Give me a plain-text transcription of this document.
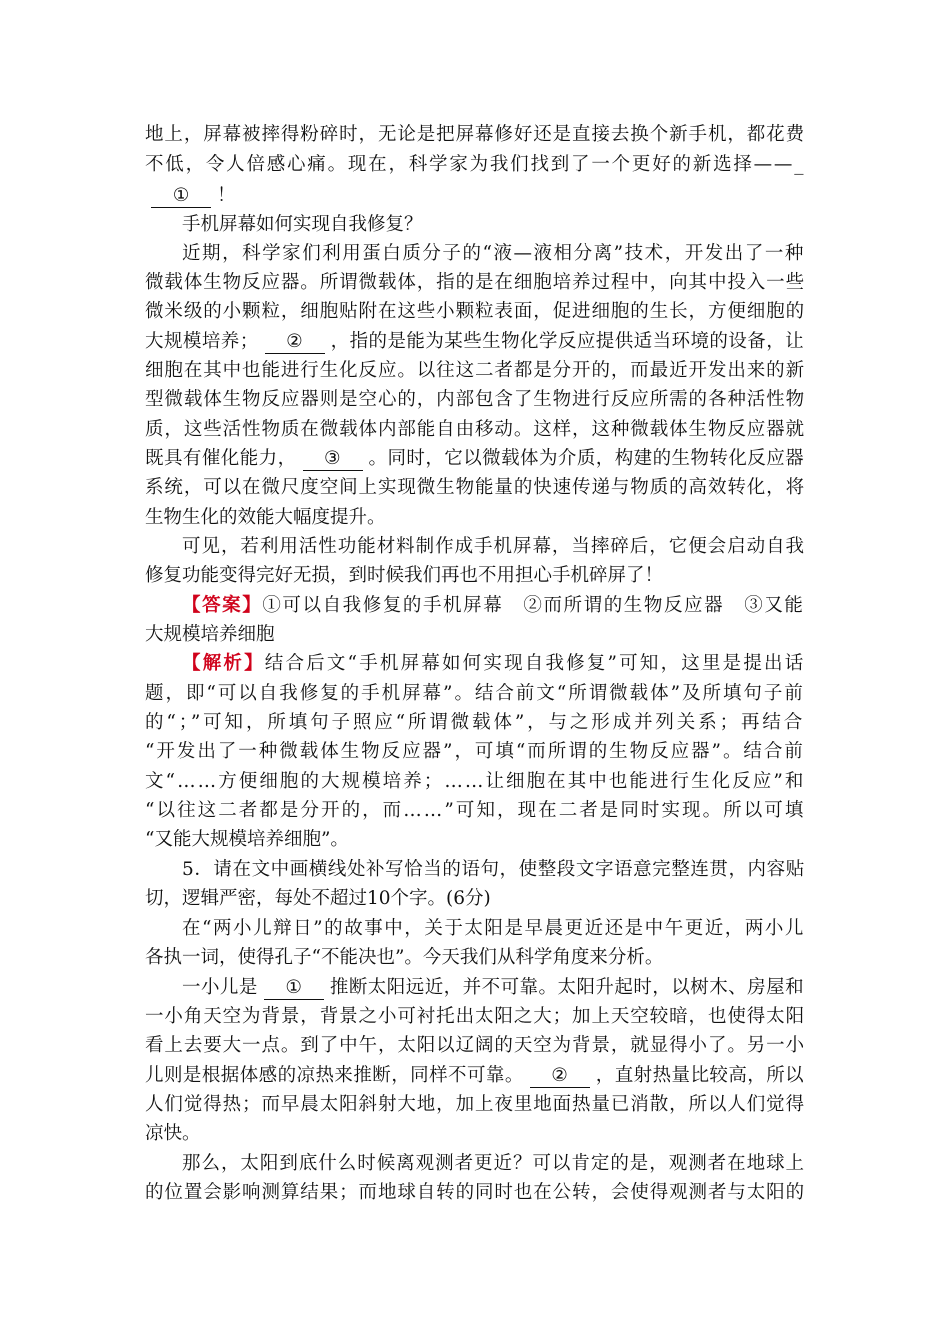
地上，屏幕被摔得粉碎时，无论是把屏幕修好还是直接去换个新手机，都花费
不低，令人倍感心痛。现在，科学家为我们找到了一个更好的新选择——_
① ！
手机屏幕如何实现自我修复？
近期，科学家们利用蛋白质分子的“液—液相分离”技术，开发出了一种
微载体生物反应器。所谓微载体，指的是在细胞培养过程中，向其中投入一些
微米级的小颗粒，细胞贴附在这些小颗粒表面，促进细胞的生长，方便细胞的
大规模培养； ② ，指的是能为某些生物化学反应提供适当环境的设备，让
细胞在其中也能进行生化反应。以往这二者都是分开的，而最近开发出来的新
型微载体生物反应器则是空心的，内部包含了生物进行反应所需的各种活性物
质，这些活性物质在微载体内部能自由移动。这样，这种微载体生物反应器就
既具有催化能力， ③ 。同时，它以微载体为介质，构建的生物转化反应器
系统，可以在微尺度空间上实现微生物能量的快速传递与物质的高效转化，将
生物生化的效能大幅度提升。
可见，若利用活性功能材料制作成手机屏幕，当摔碎后，它便会启动自我
修复功能变得完好无损，到时候我们再也不用担心手机碎屏了！
【答案】①可以自我修复的手机屏幕　②而所谓的生物反应器　③又能
大规模培养细胞
【解析】结合后文“手机屏幕如何实现自我修复”可知，这里是提出话
题，即“可以自我修复的手机屏幕”。结合前文“所谓微载体”及所填句子前
的“；”可知，所填句子照应“所谓微载体”，与之形成并列关系；再结合
“开发出了一种微载体生物反应器”，可填“而所谓的生物反应器”。结合前
文“……方便细胞的大规模培养；……让细胞在其中也能进行生化反应”和
“以往这二者都是分开的，而……”可知，现在二者是同时实现。所以可填
“又能大规模培养细胞”。
5．请在文中画横线处补写恰当的语句，使整段文字语意完整连贯，内容贴
切，逻辑严密，每处不超过10个字。(6分)
在“两小儿辩日”的故事中，关于太阳是早晨更近还是中午更近，两小儿
各执一词，使得孔子“不能决也”。今天我们从科学角度来分析。
一小儿是 ① 推断太阳远近，并不可靠。太阳升起时，以树木、房屋和
一小角天空为背景，背景之小可衬托出太阳之大；加上天空较暗，也使得太阳
看上去要大一点。到了中午，太阳以辽阔的天空为背景，就显得小了。另一小
儿则是根据体感的凉热来推断，同样不可靠。 ② ，直射热量比较高，所以
人们觉得热；而早晨太阳斜射大地，加上夜里地面热量已消散，所以人们觉得
凉快。
那么，太阳到底什么时候离观测者更近？可以肯定的是，观测者在地球上
的位置会影响测算结果；而地球自转的同时也在公转，会使得观测者与太阳的
